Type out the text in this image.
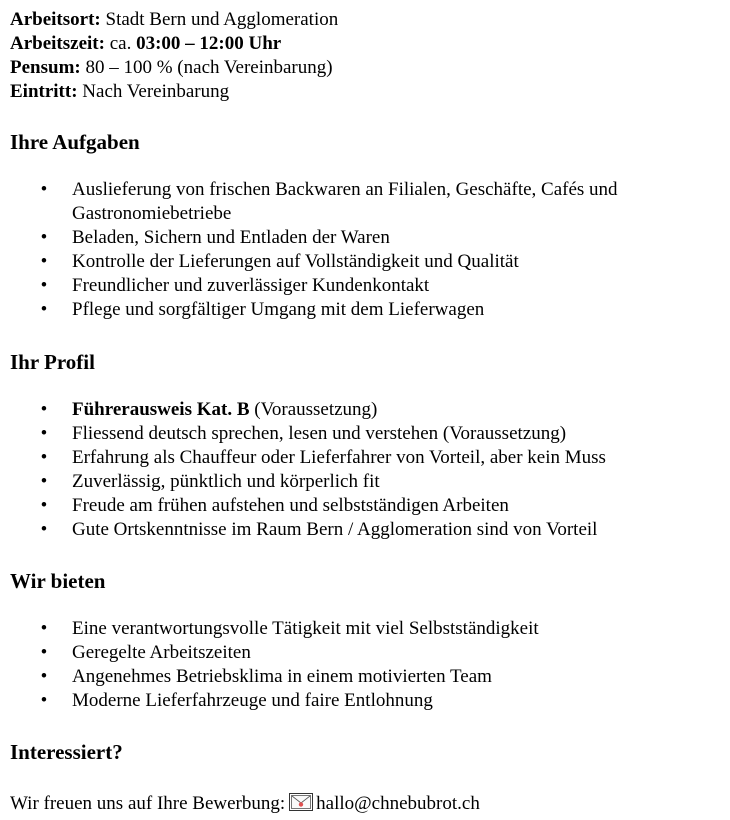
Arbeitsort: Stadt Bern und Agglomeration
Arbeitszeit: ca. 03:00 – 12:00 Uhr
Pensum: 80 – 100 % (nach Vereinbarung)
Eintritt: Nach Vereinbarung
Ihre Aufgaben
• Auslieferung von frischen Backwaren an Filialen, Geschäfte, Cafés und Gastronomiebetriebe
• Beladen, Sichern und Entladen der Waren
• Kontrolle der Lieferungen auf Vollständigkeit und Qualität
• Freundlicher und zuverlässiger Kundenkontakt
• Pflege und sorgfältiger Umgang mit dem Lieferwagen
Ihr Profil
• Führerausweis Kat. B (Voraussetzung)
• Fliessend deutsch sprechen, lesen und verstehen (Voraussetzung)
• Erfahrung als Chauffeur oder Lieferfahrer von Vorteil, aber kein Muss
• Zuverlässig, pünktlich und körperlich fit
• Freude am frühen aufstehen und selbstständigen Arbeiten
• Gute Ortskenntnisse im Raum Bern / Agglomeration sind von Vorteil
Wir bieten
• Eine verantwortungsvolle Tätigkeit mit viel Selbstständigkeit
• Geregelte Arbeitszeiten
• Angenehmes Betriebsklima in einem motivierten Team
• Moderne Lieferfahrzeuge und faire Entlohnung
Interessiert?
Wir freuen uns auf Ihre Bewerbung: hallo@chnebubrot.ch
